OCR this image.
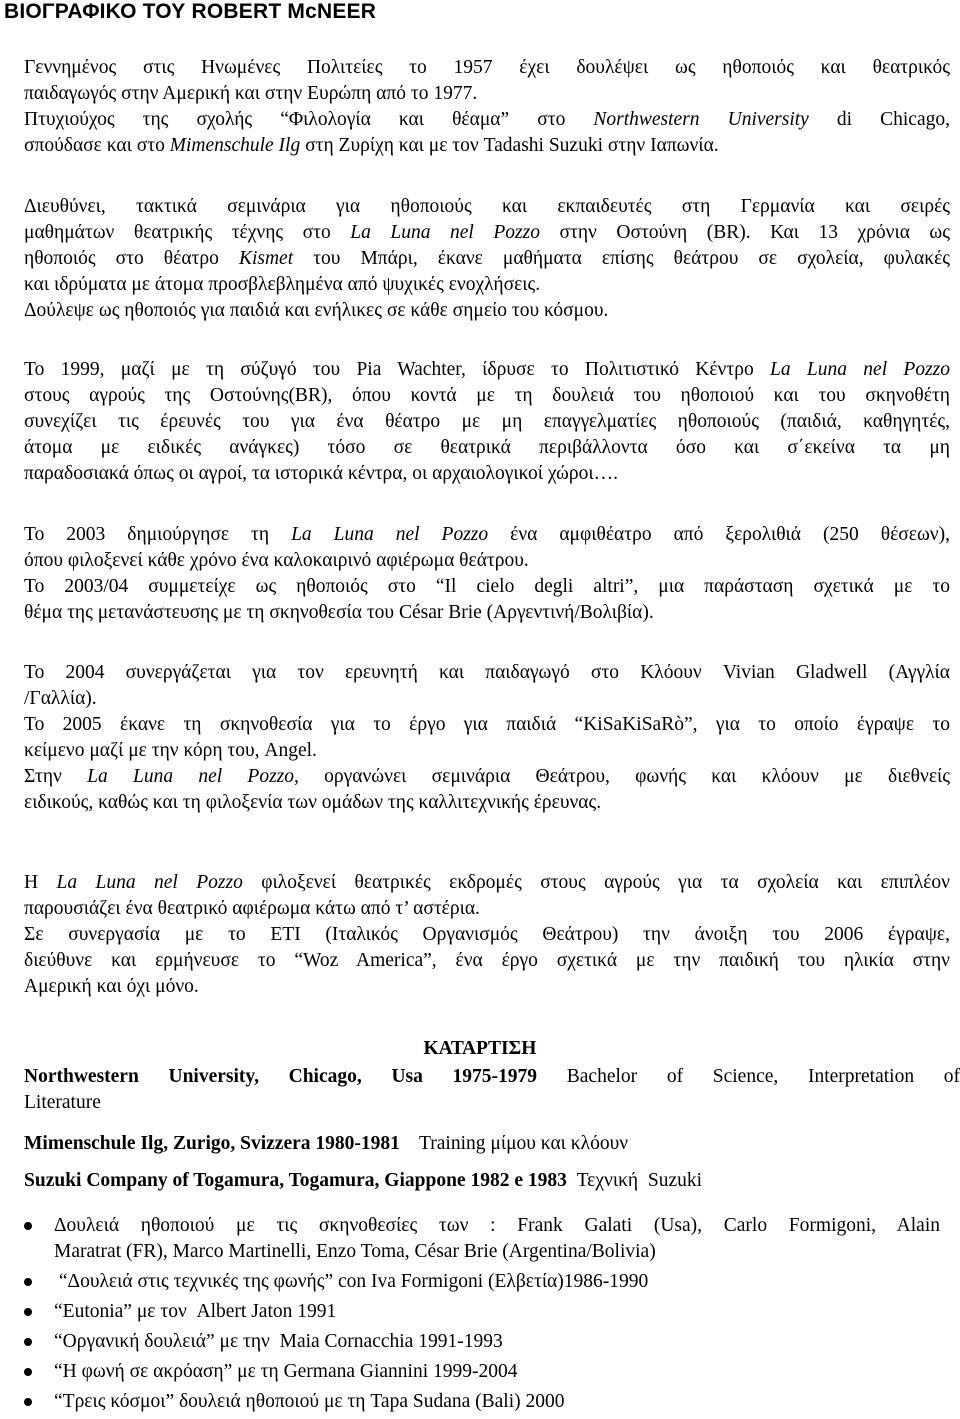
ΒΙΟΓΡΑΦΙΚΟ ΤΟΥ ROBERT McNEER
Γεννημένος στις Ηνωμένες Πολιτείες το 1957 έχει δουλέψει ως ηθοποιός και θεατρικός
παιδαγωγός στην Αμερική και στην Ευρώπη από το 1977.
Πτυχιούχος της σχολής “Φιλολογία και θέαμα” στο Northwestern University di Chicago,
σπούδασε και στο Mimenschule Ilg στη Ζυρίχη και με τον Tadashi Suzuki στην Ιαπωνία.
Διευθύνει, τακτικά σεμινάρια για ηθοποιούς και εκπαιδευτές στη Γερμανία και σειρές
μαθημάτων θεατρικής τέχνης στο La Luna nel Pozzo στην Οστούνη (BR). Και 13 χρόνια ως
ηθοποιός στο θέατρο Kismet του Μπάρι, έκανε μαθήματα επίσης θεάτρου σε σχολεία, φυλακές
και ιδρύματα με άτομα προσβλεβλημένα από ψυχικές ενοχλήσεις.
Δούλεψε ως ηθοποιός για παιδιά και ενήλικες σε κάθε σημείο του κόσμου.
Το 1999, μαζί με τη σύζυγό του Pia Wachter, ίδρυσε το Πολιτιστικό Κέντρο La Luna nel Pozzo
στους αγρούς της Οστούνης(BR), όπου κοντά με τη δουλειά του ηθοποιού και του σκηνοθέτη
συνεχίζει τις έρευνές του για ένα θέατρο με μη επαγγελματίες ηθοποιούς (παιδιά, καθηγητές,
άτομα με ειδικές ανάγκες) τόσο σε θεατρικά περιβάλλοντα όσο και σ΄εκείνα τα μη
παραδοσιακά όπως οι αγροί, τα ιστορικά κέντρα, οι αρχαιολογικοί χώροι….
Το 2003 δημιούργησε τη La Luna nel Pozzo ένα αμφιθέατρο από ξερολιθιά (250 θέσεων),
όπου φιλοξενεί κάθε χρόνο ένα καλοκαιρινό αφιέρωμα θεάτρου.
Το 2003/04 συμμετείχε ως ηθοποιός στο “Il cielo degli altri”, μια παράσταση σχετικά με το
θέμα της μετανάστευσης με τη σκηνοθεσία του César Brie (Αργεντινή/Βολιβία).
Το 2004 συνεργάζεται για τον ερευνητή και παιδαγωγό στο Κλόουν Vivian Gladwell (Αγγλία
/Γαλλία).
Το 2005 έκανε τη σκηνοθεσία για το έργο για παιδιά “KiSaKiSaRò”, για το οποίο έγραψε το
κείμενο μαζί με την κόρη του, Angel.
Στην La Luna nel Pozzo, οργανώνει σεμινάρια Θεάτρου, φωνής και κλόουν με διεθνείς
ειδικούς, καθώς και τη φιλοξενία των ομάδων της καλλιτεχνικής έρευνας.
Η La Luna nel Pozzo φιλοξενεί θεατρικές εκδρομές στους αγρούς για τα σχολεία και επιπλέον
παρουσιάζει ένα θεατρικό αφιέρωμα κάτω από τ’ αστέρια.
Σε συνεργασία με το ETI (Ιταλικός Οργανισμός Θεάτρου) την άνοιξη του 2006 έγραψε,
διεύθυνε και ερμήνευσε το “Woz America”, ένα έργο σχετικά με την παιδική του ηλικία στην
Αμερική και όχι μόνο.

ΚΑΤΑΡΤΙΣΗ

Northwestern University, Chicago, Usa 1975-1979 Bachelor of Science, Interpretation of
Literature
Mimenschule Ilg, Zurigo, Svizzera 1980-1981    Training μίμου και κλόουν
Suzuki Company of Togamura, Togamura, Giappone 1982 e 1983  Τεχνική  Suzuki
Δουλειά ηθοποιού με τις σκηνοθεσίες των : Frank Galati (Usa), Carlo Formigoni, Alain
Maratrat (FR), Marco Martinelli, Enzo Toma, César Brie (Argentina/Bolivia)
“Δουλειά στις τεχνικές της φωνής” con Iva Formigoni (Ελβετία)1986-1990
“Eutonia” με τον  Albert Jaton 1991
“Οργανική δουλειά” με την  Maia Cornacchia 1991-1993
“Η φωνή σε ακρόαση” με τη Germana Giannini 1999-2004
“Τρεις κόσμοι” δουλειά ηθοποιού με τη Tapa Sudana (Bali) 2000
